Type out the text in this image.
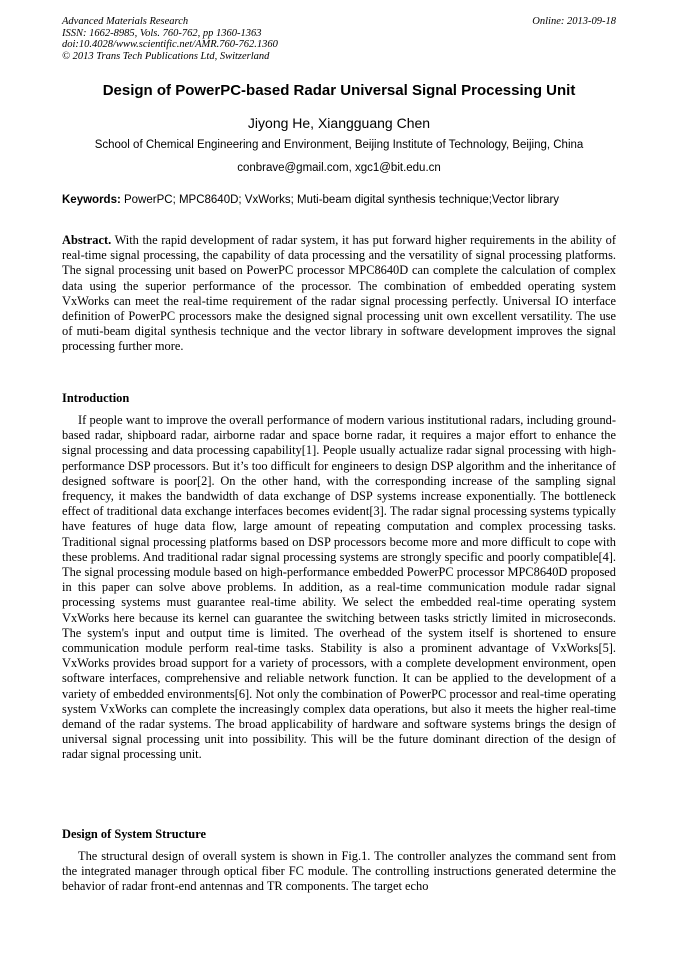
Advanced Materials Research
ISSN: 1662-8985, Vols. 760-762, pp 1360-1363
doi:10.4028/www.scientific.net/AMR.760-762.1360
© 2013 Trans Tech Publications Ltd, Switzerland
Online: 2013-09-18
Design of PowerPC-based Radar Universal Signal Processing Unit
Jiyong He, Xiangguang Chen
School of Chemical Engineering and Environment, Beijing Institute of Technology, Beijing, China
conbrave@gmail.com, xgc1@bit.edu.cn
Keywords: PowerPC; MPC8640D; VxWorks; Muti-beam digital synthesis technique;Vector library
Abstract. With the rapid development of radar system, it has put forward higher requirements in the ability of real-time signal processing, the capability of data processing and the versatility of signal processing platforms. The signal processing unit based on PowerPC processor MPC8640D can complete the calculation of complex data using the superior performance of the processor. The combination of embedded operating system VxWorks can meet the real-time requirement of the radar signal processing perfectly. Universal IO interface definition of PowerPC processors make the designed signal processing unit own excellent versatility. The use of muti-beam digital synthesis technique and the vector library in software development improves the signal processing further more.
Introduction
If people want to improve the overall performance of modern various institutional radars, including ground-based radar, shipboard radar, airborne radar and space borne radar, it requires a major effort to enhance the signal processing and data processing capability[1]. People usually actualize radar signal processing with high-performance DSP processors. But it’s too difficult for engineers to design DSP algorithm and the inheritance of designed software is poor[2]. On the other hand, with the corresponding increase of the sampling signal frequency, it makes the bandwidth of data exchange of DSP systems increase exponentially. The bottleneck effect of traditional data exchange interfaces becomes evident[3]. The radar signal processing systems typically have features of huge data flow, large amount of repeating computation and complex processing tasks. Traditional signal processing platforms based on DSP processors become more and more difficult to cope with these problems. And traditional radar signal processing systems are strongly specific and poorly compatible[4]. The signal processing module based on high-performance embedded PowerPC processor MPC8640D proposed in this paper can solve above problems. In addition, as a real-time communication module radar signal processing systems must guarantee real-time ability. We select the embedded real-time operating system VxWorks here because its kernel can guarantee the switching between tasks strictly limited in microseconds. The system's input and output time is limited. The overhead of the system itself is shortened to ensure communication module perform real-time tasks. Stability is also a prominent advantage of VxWorks[5]. VxWorks provides broad support for a variety of processors, with a complete development environment, open software interfaces, comprehensive and reliable network function. It can be applied to the development of a variety of embedded environments[6]. Not only the combination of PowerPC processor and real-time operating system VxWorks can complete the increasingly complex data operations, but also it meets the higher real-time demand of the radar systems. The broad applicability of hardware and software systems brings the design of universal signal processing unit into possibility. This will be the future dominant direction of the design of radar signal processing unit.
Design of System Structure
The structural design of overall system is shown in Fig.1. The controller analyzes the command sent from the integrated manager through optical fiber FC module. The controlling instructions generated determine the behavior of radar front-end antennas and TR components. The target echo
